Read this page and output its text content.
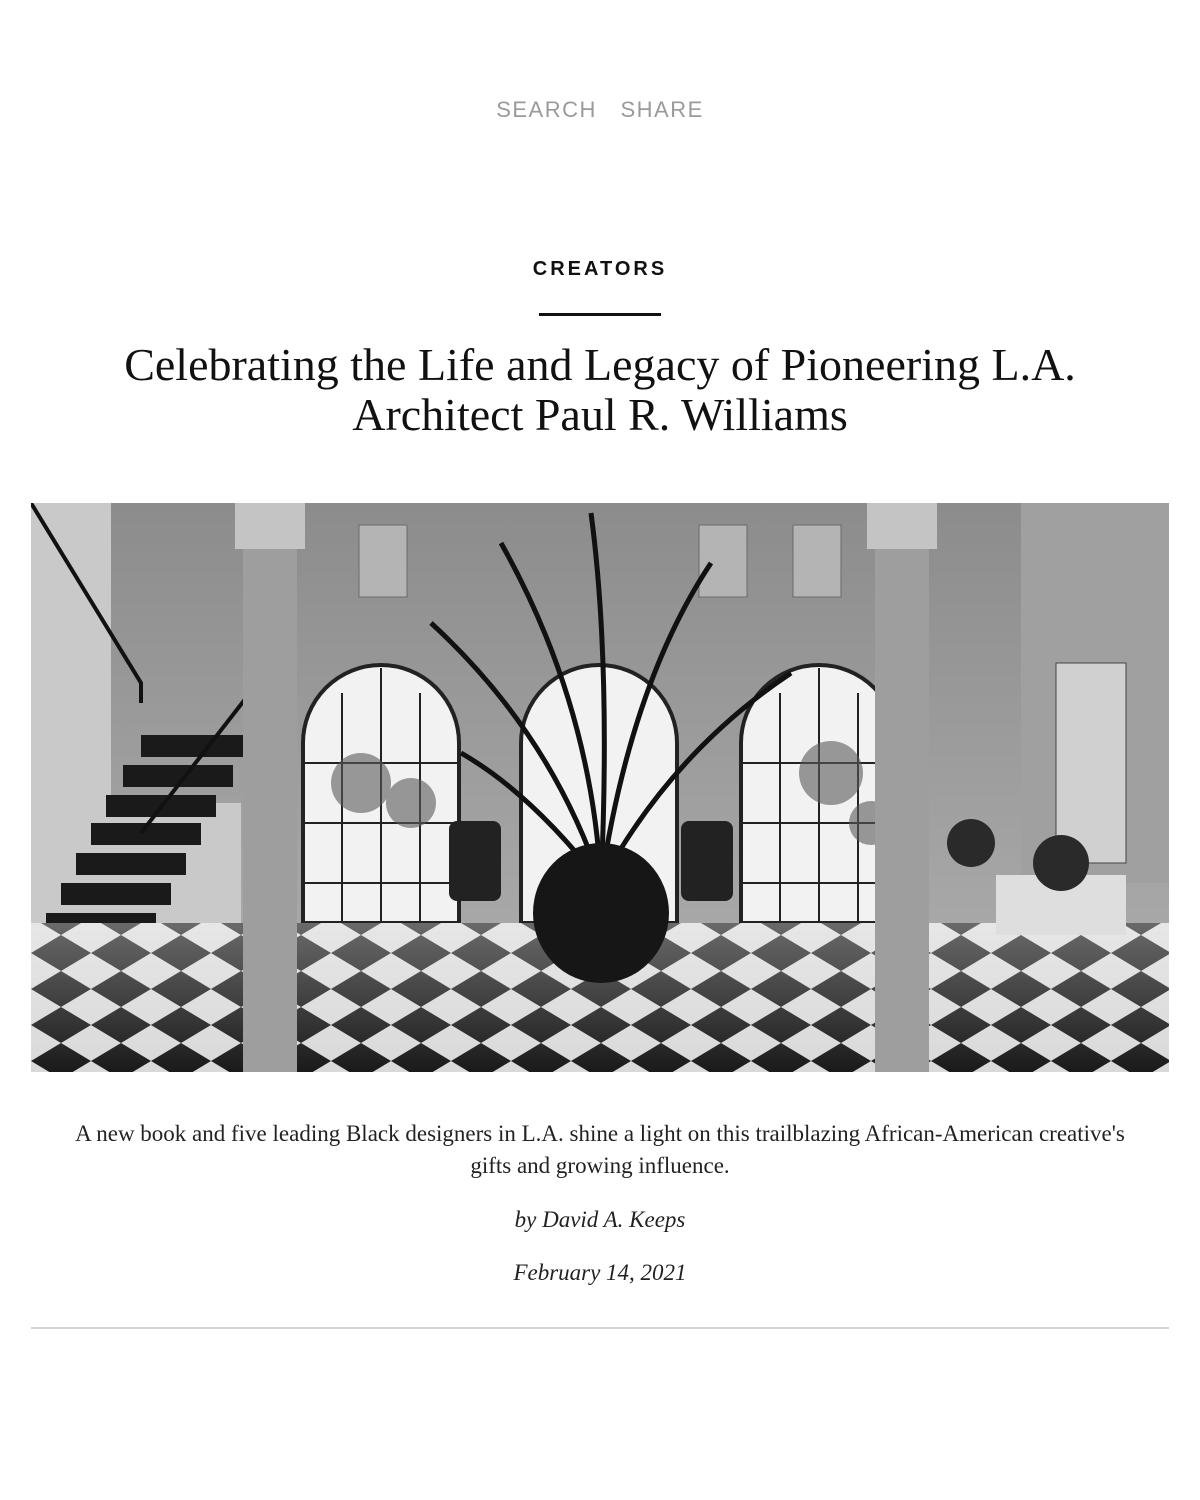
SEARCH SHARE
CREATORS
Celebrating the Life and Legacy of Pioneering L.A. Architect Paul R. Williams

A new book and five leading Black designers in L.A. shine a light on this trailblazing African-American creative's gifts and growing influence.

by David A. Keeps
February 14, 2021
